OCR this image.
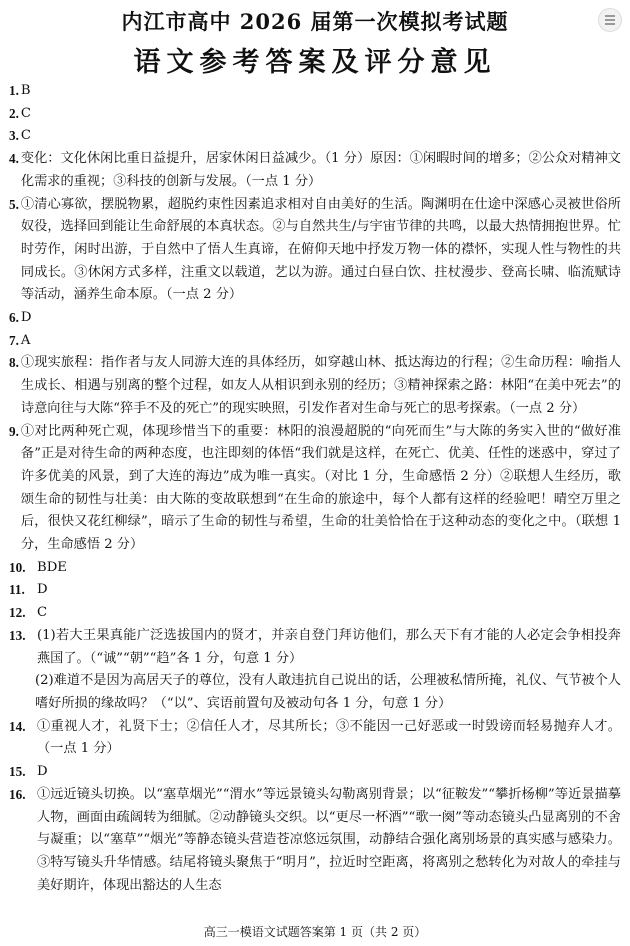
内江市高中 2026 届第一次模拟考试题
语文参考答案及评分意见
1. B
2. C
3. C
4. 变化：文化休闲比重日益提升，居家休闲日益减少。（1 分）原因：①闲暇时间的增多；②公众对精神文化需求的重视；③科技的创新与发展。（一点 1 分）
5. ①清心寡欲，摆脱物累，超脱约束性因素追求相对自由美好的生活。陶渊明在仕途中深感心灵被世俗所奴役，选择回到能让生命舒展的本真状态。②与自然共生/与宇宙节律的共鸣，以最大热情拥抱世界。忙时劳作，闲时出游，于自然中了悟人生真谛，在俯仰天地中抒发万物一体的襟怀，实现人性与物性的共同成长。③休闲方式多样，注重文以载道，艺以为游。通过白昼白饮、拄杖漫步、登高长啸、临流赋诗等活动，涵养生命本原。（一点 2 分）
6. D
7. A
8. ①现实旅程：指作者与友人同游大连的具体经历，如穿越山林、抵达海边的行程；②生命历程：喻指人生成长、相遇与别离的整个过程，如友人从相识到永别的经历；③精神探索之路：林阳“在美中死去”的诗意向往与大陈“猝手不及的死亡”的现实映照，引发作者对生命与死亡的思考探索。（一点 2 分）
9. ①对比两种死亡观，体现珍惜当下的重要：林阳的浪漫超脱的“向死而生”与大陈的务实入世的“做好准备”正是对待生命的两种态度，也注即刻的体悟“我们就是这样，在死亡、优美、任性的迷惑中，穿过了许多优美的风景，到了大连的海边”成为唯一真实。（对比 1 分，生命感悟 2 分）②联想人生经历，歌颂生命的韧性与壮美：由大陈的变故联想到“在生命的旅途中，每个人都有这样的经验吧！晴空万里之后，很快又花红柳绿”，暗示了生命的韧性与希望，生命的壮美恰恰在于这种动态的变化之中。（联想 1 分，生命感悟 2 分）
10. BDE
11. D
12. C
13. (1)若大王果真能广泛选拔国内的贤才，并亲自登门拜访他们，那么天下有才能的人必定会争相投奔燕国了。（“诚”“朝”“趋”各 1 分，句意 1 分）
(2)难道不是因为高居天子的尊位，没有人敢违抗自己说出的话，公理被私情所掩，礼仪、气节被个人嗜好所损的缘故吗？（“以”、宾语前置句及被动句各 1 分，句意 1 分）
14. ①重视人才，礼贤下士；②信任人才，尽其所长；③不能因一己好恶或一时毁谤而轻易抛弃人才。（一点 1 分）
15. D
16. ①远近镜头切换。以“塞草烟光”“渭水”等远景镜头勾勒离别背景；以“征鞍发”“攀折杨柳”等近景描摹人物，画面由疏阔转为细腻。②动静镜头交织。以“更尽一杯酒”“歌一阕”等动态镜头凸显离别的不舍与凝重；以“塞草”“烟光”等静态镜头营造苍凉悠远氛围，动静结合强化离别场景的真实感与感染力。③特写镜头升华情感。结尾将镜头聚焦于“明月”，拉近时空距离，将离别之愁转化为对故人的牵挂与美好期许，体现出豁达的人生态
高三一模语文试题答案第 1 页（共 2 页）
